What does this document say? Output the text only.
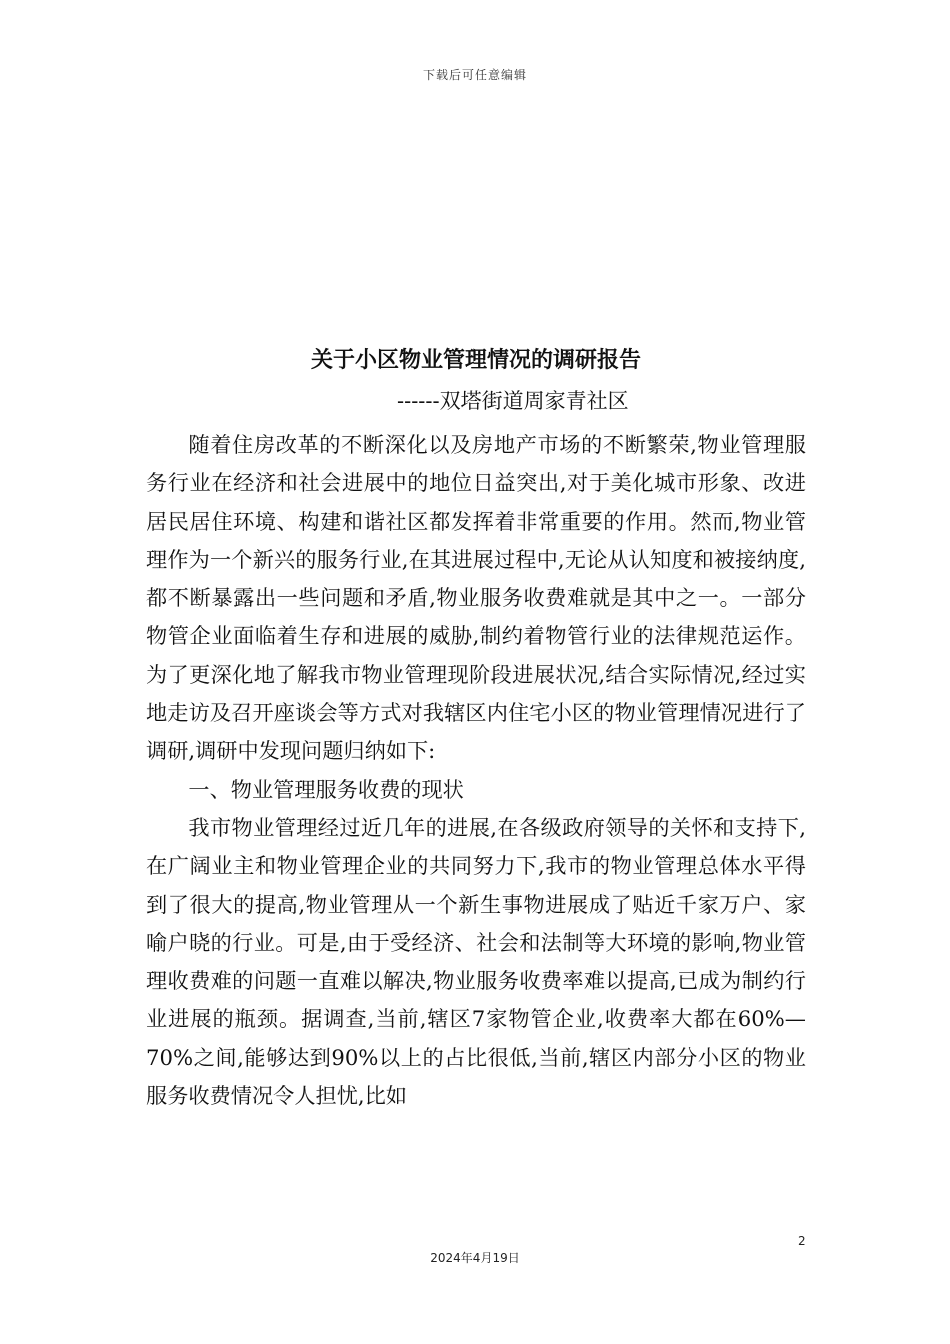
下载后可任意编辑
关于小区物业管理情况的调研报告
------双塔街道周家青社区

随着住房改革的不断深化以及房地产市场的不断繁荣,物业管理服务行业在经济和社会进展中的地位日益突出,对于美化城市形象、改进居民居住环境、构建和谐社区都发挥着非常重要的作用。然而,物业管理作为一个新兴的服务行业,在其进展过程中,无论从认知度和被接纳度,都不断暴露出一些问题和矛盾,物业服务收费难就是其中之一。一部分物管企业面临着生存和进展的威胁,制约着物管行业的法律规范运作。为了更深化地了解我市物业管理现阶段进展状况,结合实际情况,经过实地走访及召开座谈会等方式对我辖区内住宅小区的物业管理情况进行了调研,调研中发现问题归纳如下:

一、物业管理服务收费的现状

我市物业管理经过近几年的进展,在各级政府领导的关怀和支持下,在广阔业主和物业管理企业的共同努力下,我市的物业管理总体水平得到了很大的提高,物业管理从一个新生事物进展成了贴近千家万户、家喻户晓的行业。可是,由于受经济、社会和法制等大环境的影响,物业管理收费难的问题一直难以解决,物业服务收费率难以提高,已成为制约行业进展的瓶颈。据调查,当前,辖区7家物管企业,收费率大都在60%—70%之间,能够达到90%以上的占比很低,当前,辖区内部分小区的物业服务收费情况令人担忧,比如

2
2024年4月19日
